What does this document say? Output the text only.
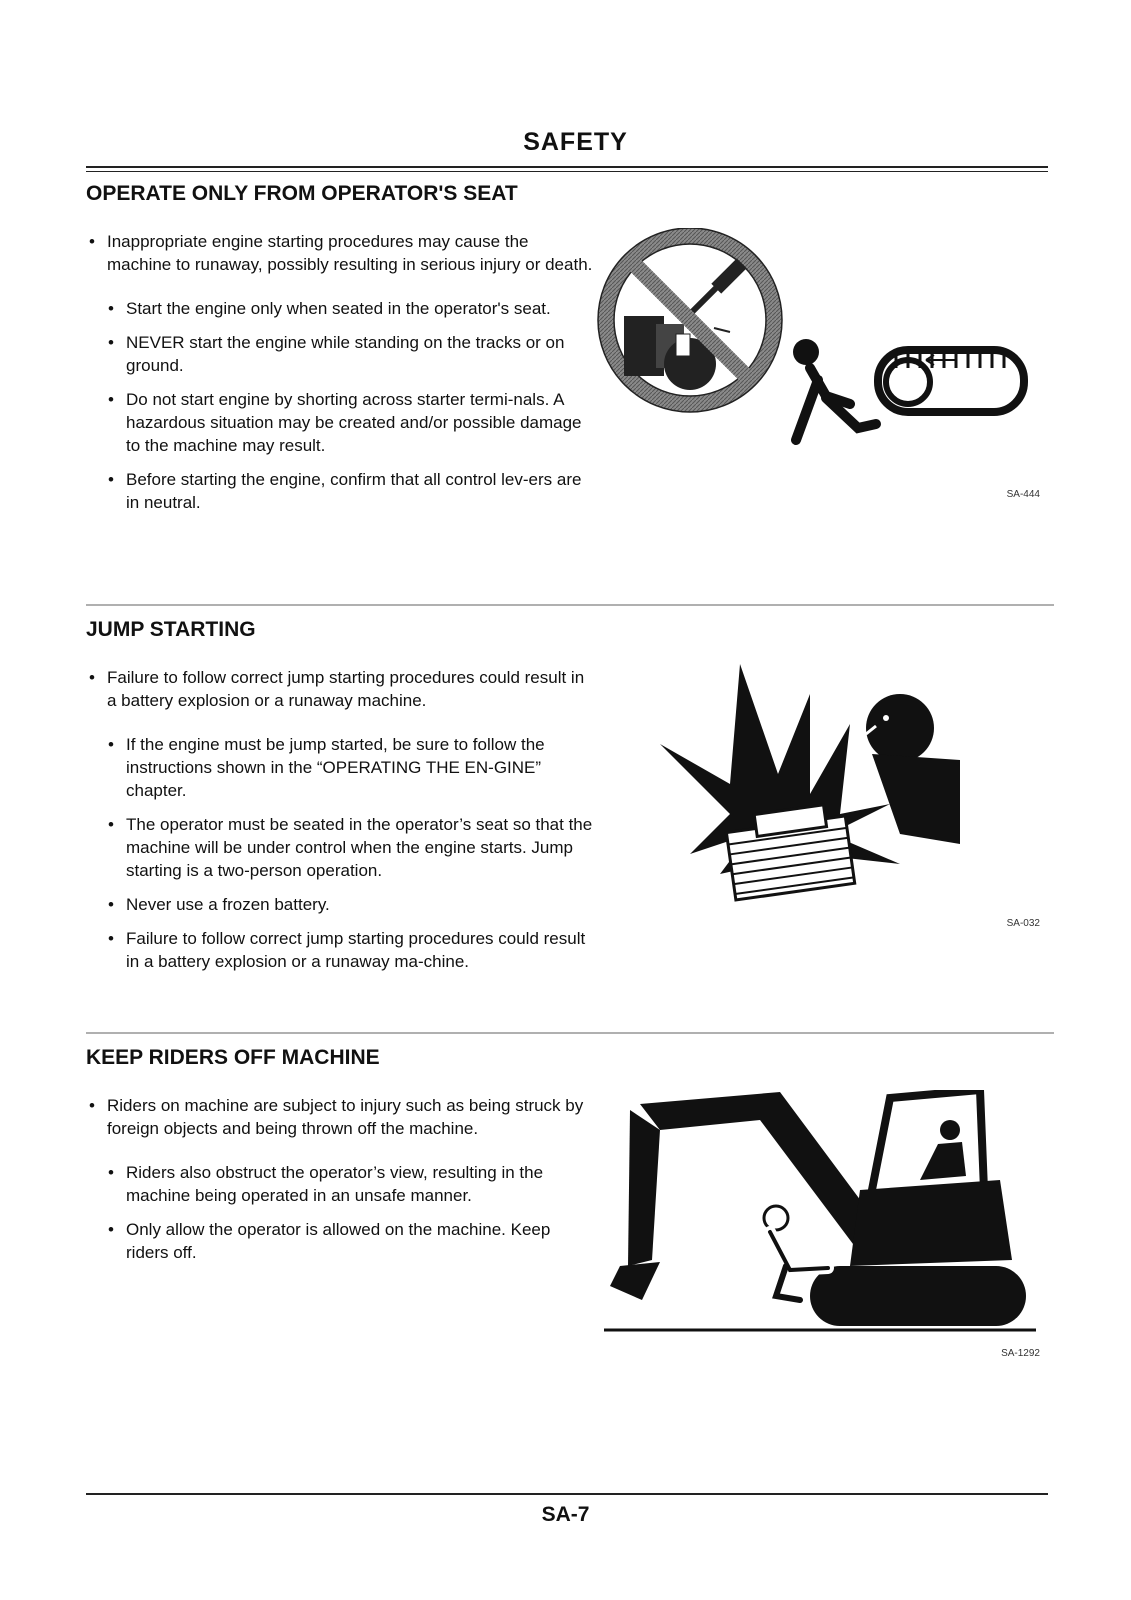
SAFETY
OPERATE ONLY FROM OPERATOR'S SEAT
• Inappropriate engine starting procedures may cause the machine to runaway, possibly resulting in serious injury or death.
• Start the engine only when seated in the operator's seat.
• NEVER start the engine while standing on the tracks or on ground.
• Do not start engine by shorting across starter termi-nals. A hazardous situation may be created and/or possible damage to the machine may result.
• Before starting the engine, confirm that all control lev-ers are in neutral.	SA-444
JUMP STARTING
• Failure to follow correct jump starting procedures could result in a battery explosion or a runaway machine.
• If the engine must be jump started, be sure to follow the instructions shown in the “OPERATING THE EN-GINE” chapter.
• The operator must be seated in the operator’s seat so that the machine will be under control when the engine starts. Jump starting is a two-person operation.
• Never use a frozen battery.
• Failure to follow correct jump starting procedures could result in a battery explosion or a runaway ma-chine.
SA-032
KEEP RIDERS OFF MACHINE
• Riders on machine are subject to injury such as being struck by foreign objects and being thrown off the machine.
• Riders also obstruct the operator’s view, resulting in the machine being operated in an unsafe manner.
• Only allow the operator is allowed on the machine. Keep riders off.
SA-1292
SA-7
